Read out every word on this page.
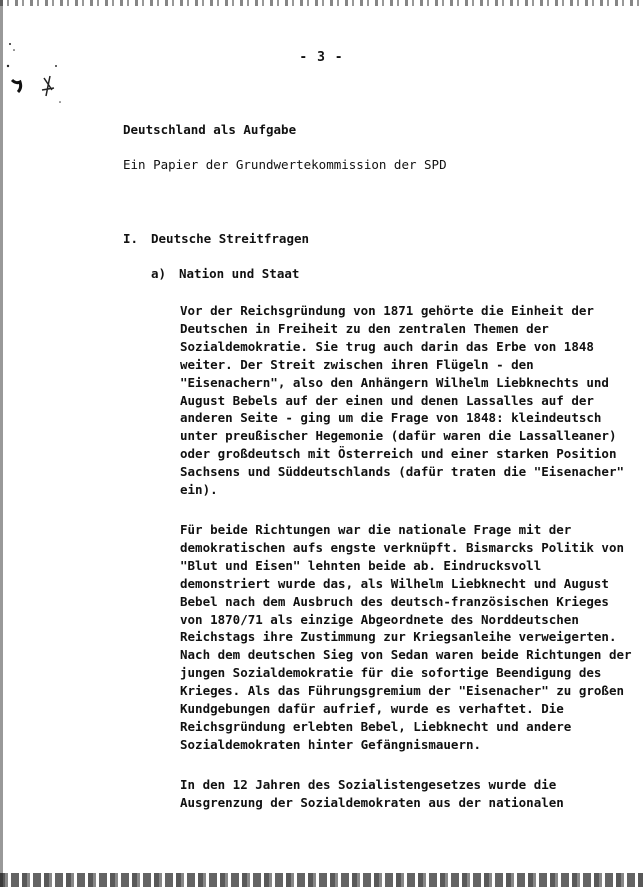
- 3 -
Deutschland als Aufgabe
Ein Papier der Grundwertekommission der SPD
I. Deutsche Streitfragen
a) Nation und Staat
Vor der Reichsgründung von 1871 gehörte die Einheit der
Deutschen in Freiheit zu den zentralen Themen der
Sozialdemokratie. Sie trug auch darin das Erbe von 1848
weiter. Der Streit zwischen ihren Flügeln - den
"Eisenachern", also den Anhängern Wilhelm Liebknechts und
August Bebels auf der einen und denen Lassalles auf der
anderen Seite - ging um die Frage von 1848: kleindeutsch
unter preußischer Hegemonie (dafür waren die Lassalleaner)
oder großdeutsch mit Österreich und einer starken Position
Sachsens und Süddeutschlands (dafür traten die "Eisenacher"
ein).
Für beide Richtungen war die nationale Frage mit der
demokratischen aufs engste verknüpft. Bismarcks Politik von
"Blut und Eisen" lehnten beide ab. Eindrucksvoll
demonstriert wurde das, als Wilhelm Liebknecht und August
Bebel nach dem Ausbruch des deutsch-französischen Krieges
von 1870/71 als einzige Abgeordnete des Norddeutschen
Reichstags ihre Zustimmung zur Kriegsanleihe verweigerten.
Nach dem deutschen Sieg von Sedan waren beide Richtungen der
jungen Sozialdemokratie für die sofortige Beendigung des
Krieges. Als das Führungsgremium der "Eisenacher" zu großen
Kundgebungen dafür aufrief, wurde es verhaftet. Die
Reichsgründung erlebten Bebel, Liebknecht und andere
Sozialdemokraten hinter Gefängnismauern.
In den 12 Jahren des Sozialistengesetzes wurde die
Ausgrenzung der Sozialdemokraten aus der nationalen
